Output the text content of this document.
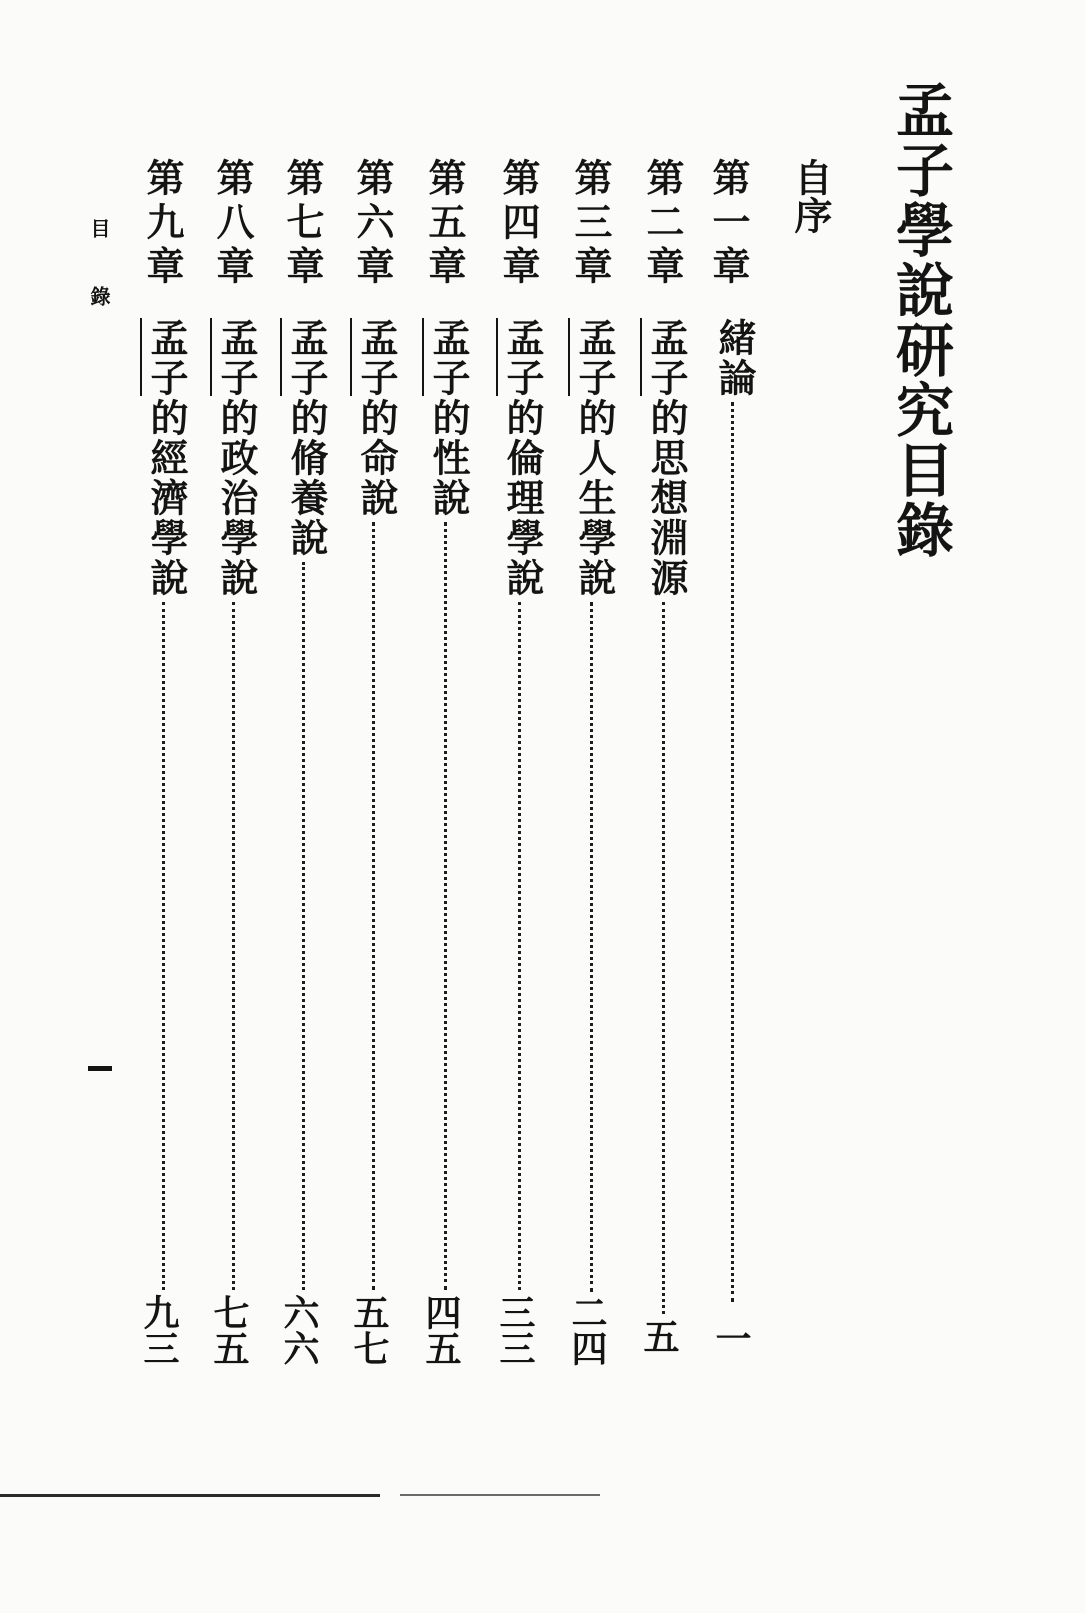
孟子學說研究目錄
自序
第一章
緒論
一
第二章
孟子的思想淵源
五
第三章
孟子的人生學說
二四
第四章
孟子的倫理學說
三三
第五章
孟子的性說
四五
第六章
孟子的命說
五七
第七章
孟子的脩養說
六六
第八章
孟子的政治學說
七五
第九章
孟子的經濟學說
九三
目錄
